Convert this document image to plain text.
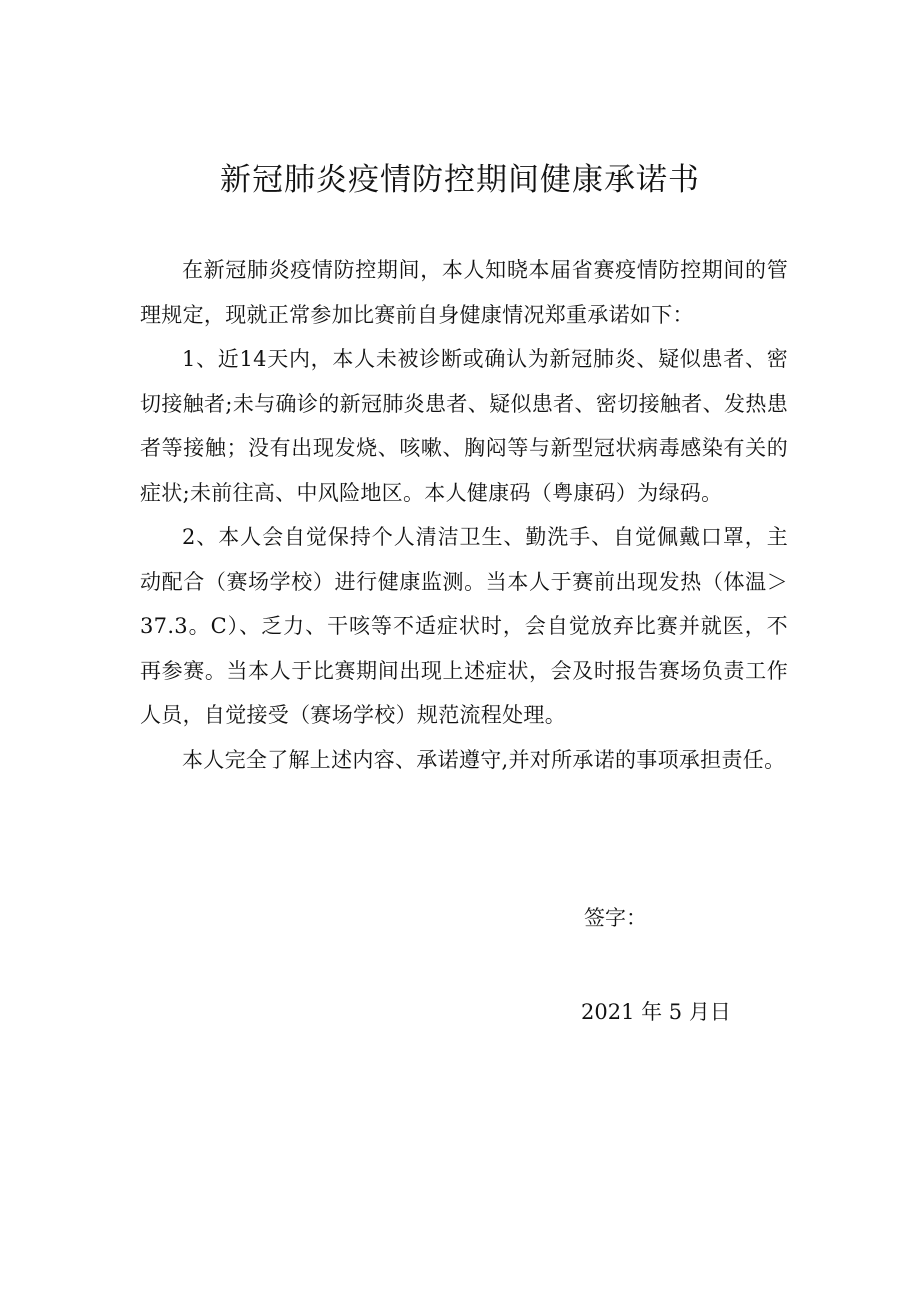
新冠肺炎疫情防控期间健康承诺书

在新冠肺炎疫情防控期间，本人知晓本届省赛疫情防控期间的管理规定，现就正常参加比赛前自身健康情况郑重承诺如下：

1、近14天内，本人未被诊断或确认为新冠肺炎、疑似患者、密切接触者;未与确诊的新冠肺炎患者、疑似患者、密切接触者、发热患者等接触；没有出现发烧、咳嗽、胸闷等与新型冠状病毒感染有关的症状;未前往高、中风险地区。本人健康码（粤康码）为绿码。

2、本人会自觉保持个人清洁卫生、勤洗手、自觉佩戴口罩，主动配合（赛场学校）进行健康监测。当本人于赛前出现发热（体温＞37.3。C）、乏力、干咳等不适症状时，会自觉放弃比赛并就医，不再参赛。当本人于比赛期间出现上述症状，会及时报告赛场负责工作人员，自觉接受（赛场学校）规范流程处理。

本人完全了解上述内容、承诺遵守,并对所承诺的事项承担责任。

签字：

2021 年 5 月日
